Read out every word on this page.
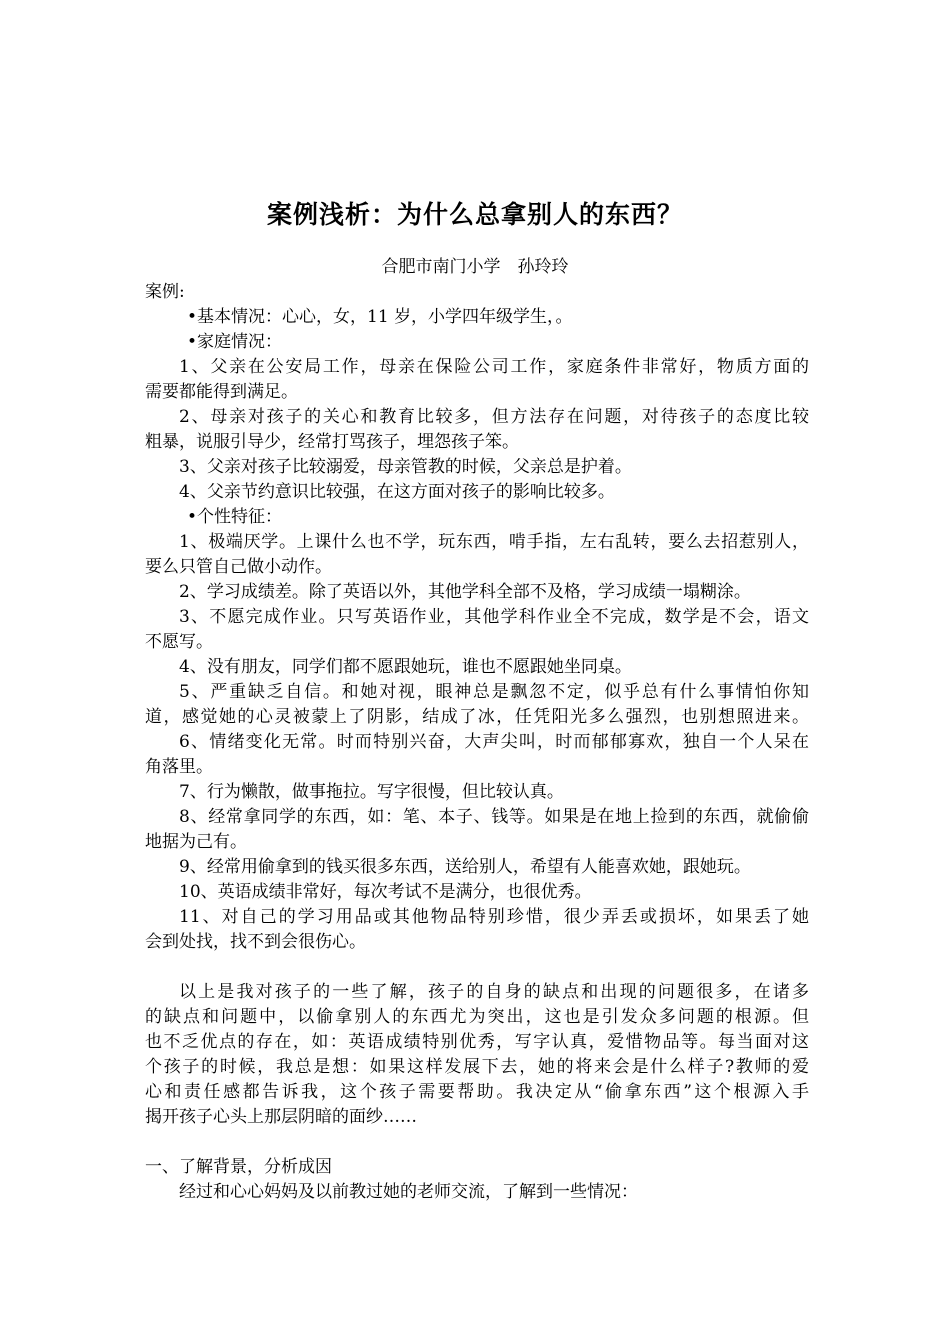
案例浅析：为什么总拿别人的东西？
合肥市南门小学　孙玲玲
案例:
•基本情况：心心，女，11 岁，小学四年级学生，。
•家庭情况：
1、父亲在公安局工作，母亲在保险公司工作，家庭条件非常好，物质方面的
需要都能得到满足。
2、母亲对孩子的关心和教育比较多，但方法存在问题，对待孩子的态度比较
粗暴，说服引导少，经常打骂孩子，埋怨孩子笨。
3、父亲对孩子比较溺爱，母亲管教的时候，父亲总是护着。
4、父亲节约意识比较强，在这方面对孩子的影响比较多。
•个性特征：
1、极端厌学。上课什么也不学，玩东西，啃手指，左右乱转，要么去招惹别人，
要么只管自己做小动作。
2、学习成绩差。除了英语以外，其他学科全部不及格，学习成绩一塌糊涂。
3、不愿完成作业。只写英语作业，其他学科作业全不完成，数学是不会，语文
不愿写。
4、没有朋友，同学们都不愿跟她玩，谁也不愿跟她坐同桌。
5、严重缺乏自信。和她对视，眼神总是飘忽不定，似乎总有什么事情怕你知
道，感觉她的心灵被蒙上了阴影，结成了冰，任凭阳光多么强烈，也别想照进来。
6、情绪变化无常。时而特别兴奋，大声尖叫，时而郁郁寡欢，独自一个人呆在
角落里。
7、行为懒散，做事拖拉。写字很慢，但比较认真。
8、经常拿同学的东西，如：笔、本子、钱等。如果是在地上捡到的东西，就偷偷
地据为己有。
9、经常用偷拿到的钱买很多东西，送给别人，希望有人能喜欢她，跟她玩。
10、英语成绩非常好，每次考试不是满分，也很优秀。
11、对自己的学习用品或其他物品特别珍惜，很少弄丢或损坏，如果丢了她
会到处找，找不到会很伤心。
以上是我对孩子的一些了解，孩子的自身的缺点和出现的问题很多，在诸多
的缺点和问题中，以偷拿别人的东西尤为突出，这也是引发众多问题的根源。但
也不乏优点的存在，如：英语成绩特别优秀，写字认真，爱惜物品等。每当面对这
个孩子的时候，我总是想：如果这样发展下去，她的将来会是什么样子?教师的爱
心和责任感都告诉我，这个孩子需要帮助。我决定从“偷拿东西”这个根源入手
揭开孩子心头上那层阴暗的面纱……
一、了解背景，分析成因
经过和心心妈妈及以前教过她的老师交流，了解到一些情况：
